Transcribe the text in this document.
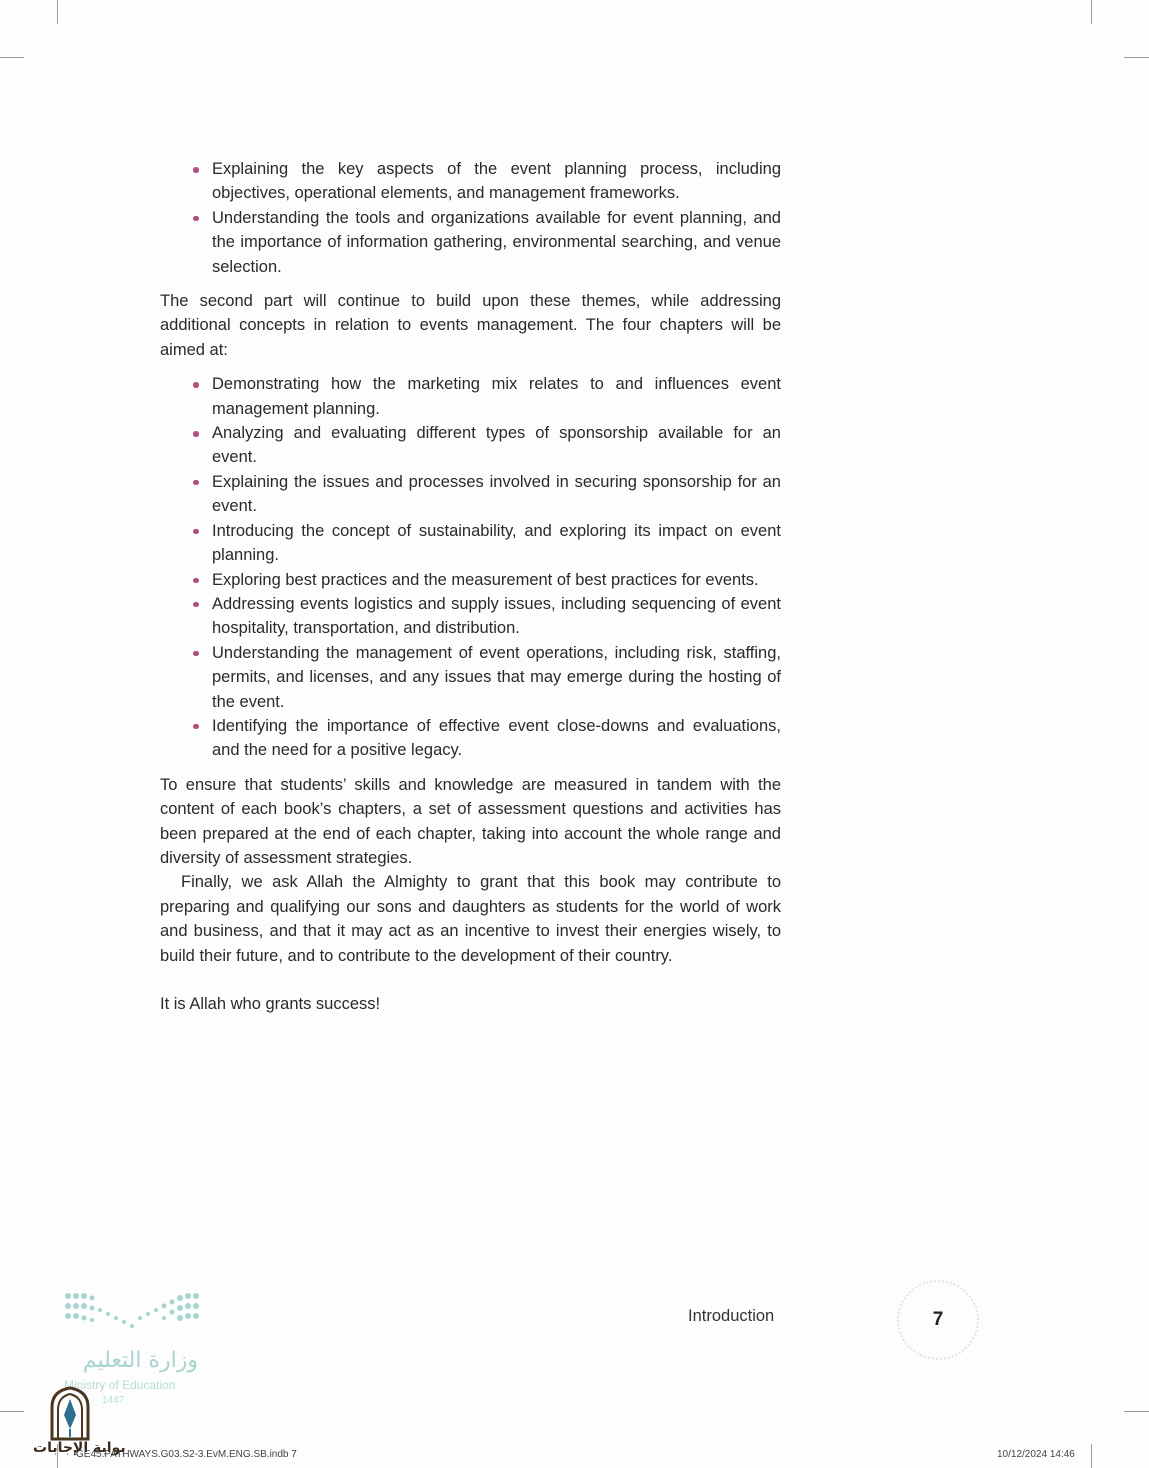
Explaining the key aspects of the event planning process, including objectives, operational elements, and management frameworks.
Understanding the tools and organizations available for event planning, and the importance of information gathering, environmental searching, and venue selection.

The second part will continue to build upon these themes, while addressing additional concepts in relation to events management. The four chapters will be aimed at:

Demonstrating how the marketing mix relates to and influences event management planning.
Analyzing and evaluating different types of sponsorship available for an event.
Explaining the issues and processes involved in securing sponsorship for an event.
Introducing the concept of sustainability, and exploring its impact on event planning.
Exploring best practices and the measurement of best practices for events.
Addressing events logistics and supply issues, including sequencing of event hospitality, transportation, and distribution.
Understanding the management of event operations, including risk, staffing, permits, and licenses, and any issues that may emerge during the hosting of the event.
Identifying the importance of effective event close-downs and evaluations, and the need for a positive legacy.

To ensure that students’ skills and knowledge are measured in tandem with the content of each book’s chapters, a set of assessment questions and activities has been prepared at the end of each chapter, taking into account the whole range and diversity of assessment strategies.

Finally, we ask Allah the Almighty to grant that this book may contribute to preparing and qualifying our sons and daughters as students for the world of work and business, and that it may act as an incentive to invest their energies wisely, to build their future, and to contribute to the development of their country.

It is Allah who grants success!

وزارة التعليم
Ministry of Education
1447
بوابة الإجابات
Introduction	7
GE45.PATHWAYS.G03.S2-3.EvM.ENG.SB.indb 7	10/12/2024 14:46
